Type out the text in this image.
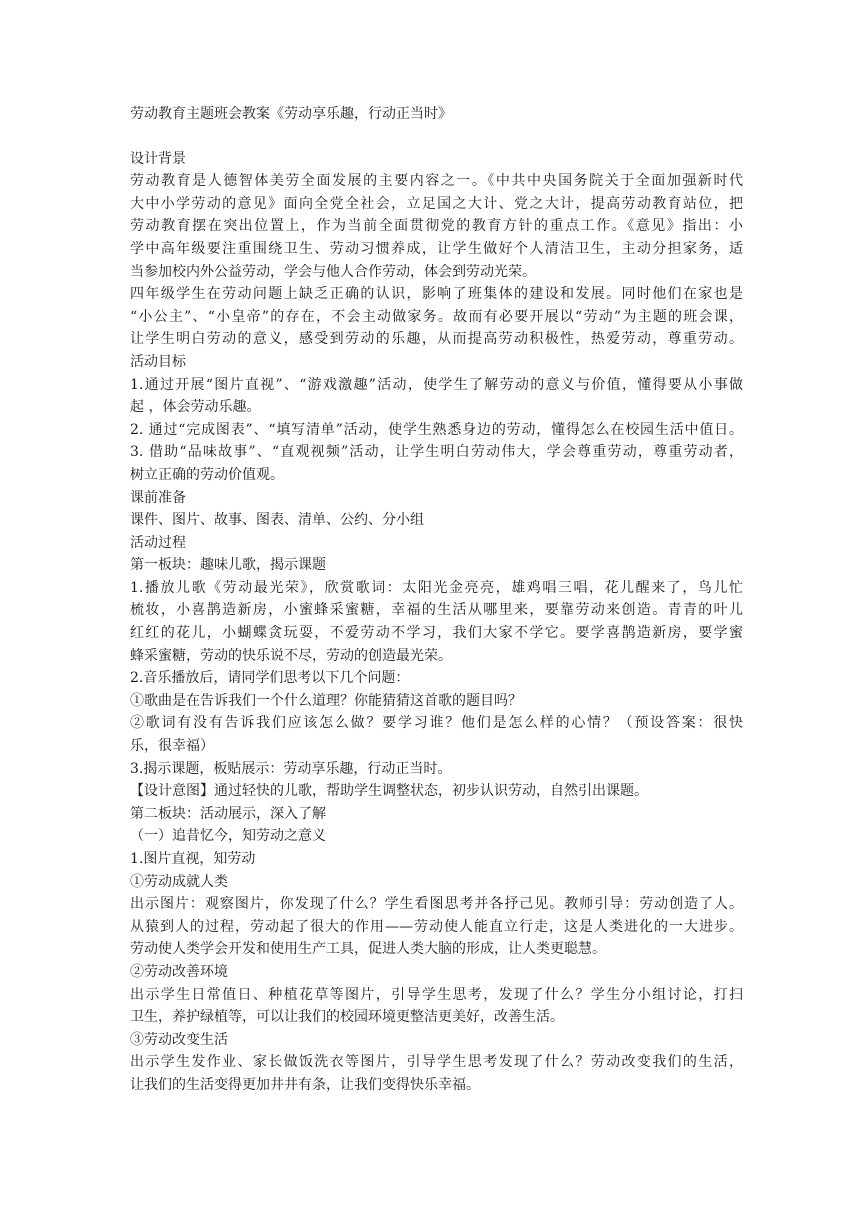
劳动教育主题班会教案《劳动享乐趣，行动正当时》
设计背景
劳动教育是人德智体美劳全面发展的主要内容之一。《中共中央国务院关于全面加强新时代
大中小学劳动的意见》面向全党全社会，立足国之大计、党之大计，提高劳动教育站位，把
劳动教育摆在突出位置上，作为当前全面贯彻党的教育方针的重点工作。《意见》指出：小
学中高年级要注重围绕卫生、劳动习惯养成，让学生做好个人清洁卫生，主动分担家务，适
当参加校内外公益劳动，学会与他人合作劳动，体会到劳动光荣。
四年级学生在劳动问题上缺乏正确的认识，影响了班集体的建设和发展。同时他们在家也是
“小公主”、“小皇帝”的存在，不会主动做家务。故而有必要开展以“劳动”为主题的班会课，
让学生明白劳动的意义，感受到劳动的乐趣，从而提高劳动积极性，热爱劳动，尊重劳动。
活动目标
1.通过开展“图片直视”、“游戏激趣”活动，使学生了解劳动的意义与价值，懂得要从小事做
起 ，体会劳动乐趣。
2. 通过“完成图表”、“填写清单”活动，使学生熟悉身边的劳动，懂得怎么在校园生活中值日。
3. 借助“品味故事”、“直观视频”活动，让学生明白劳动伟大，学会尊重劳动，尊重劳动者，
树立正确的劳动价值观。
课前准备
课件、图片、故事、图表、清单、公约、分小组
活动过程
第一板块：趣味儿歌，揭示课题
1.播放儿歌《劳动最光荣》，欣赏歌词：太阳光金亮亮，雄鸡唱三唱，花儿醒来了，鸟儿忙
梳妆，小喜鹊造新房，小蜜蜂采蜜糖，幸福的生活从哪里来，要靠劳动来创造。青青的叶儿
红红的花儿，小蝴蝶贪玩耍，不爱劳动不学习，我们大家不学它。要学喜鹊造新房，要学蜜
蜂采蜜糖，劳动的快乐说不尽，劳动的创造最光荣。
2.音乐播放后，请同学们思考以下几个问题：
①歌曲是在告诉我们一个什么道理？你能猜猜这首歌的题目吗？
②歌词有没有告诉我们应该怎么做？要学习谁？他们是怎么样的心情？（预设答案：很快
乐，很幸福）
3.揭示课题，板贴展示：劳动享乐趣，行动正当时。
【设计意图】通过轻快的儿歌，帮助学生调整状态，初步认识劳动，自然引出课题。
第二板块：活动展示，深入了解
（一）追昔忆今，知劳动之意义
1.图片直视，知劳动
①劳动成就人类
出示图片：观察图片，你发现了什么？学生看图思考并各抒己见。教师引导：劳动创造了人。
从猿到人的过程，劳动起了很大的作用——劳动使人能直立行走，这是人类进化的一大进步。
劳动使人类学会开发和使用生产工具，促进人类大脑的形成，让人类更聪慧。
②劳动改善环境
出示学生日常值日、种植花草等图片，引导学生思考，发现了什么？学生分小组讨论，打扫
卫生，养护绿植等，可以让我们的校园环境更整洁更美好，改善生活。
③劳动改变生活
出示学生发作业、家长做饭洗衣等图片，引导学生思考发现了什么？劳动改变我们的生活，
让我们的生活变得更加井井有条，让我们变得快乐幸福。
